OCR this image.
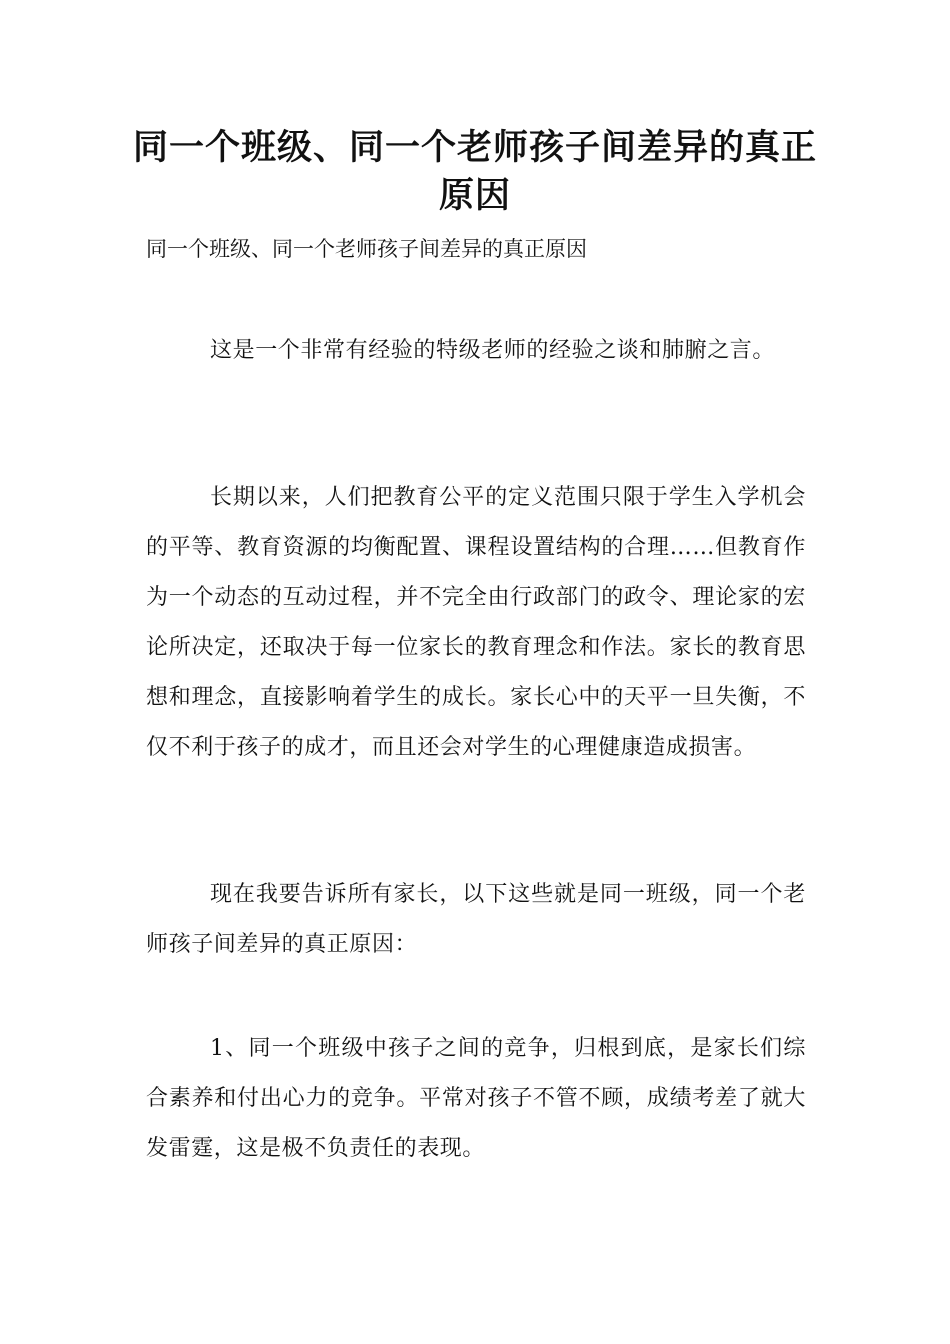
同一个班级、同一个老师孩子间差异的真正原因

同一个班级、同一个老师孩子间差异的真正原因

这是一个非常有经验的特级老师的经验之谈和肺腑之言。

长期以来，人们把教育公平的定义范围只限于学生入学机会的平等、教育资源的均衡配置、课程设置结构的合理……但教育作为一个动态的互动过程，并不完全由行政部门的政令、理论家的宏论所决定，还取决于每一位家长的教育理念和作法。家长的教育思想和理念，直接影响着学生的成长。家长心中的天平一旦失衡，不仅不利于孩子的成才，而且还会对学生的心理健康造成损害。

现在我要告诉所有家长，以下这些就是同一班级，同一个老师孩子间差异的真正原因：

1、同一个班级中孩子之间的竞争，归根到底，是家长们综合素养和付出心力的竞争。平常对孩子不管不顾，成绩考差了就大发雷霆，这是极不负责任的表现。
